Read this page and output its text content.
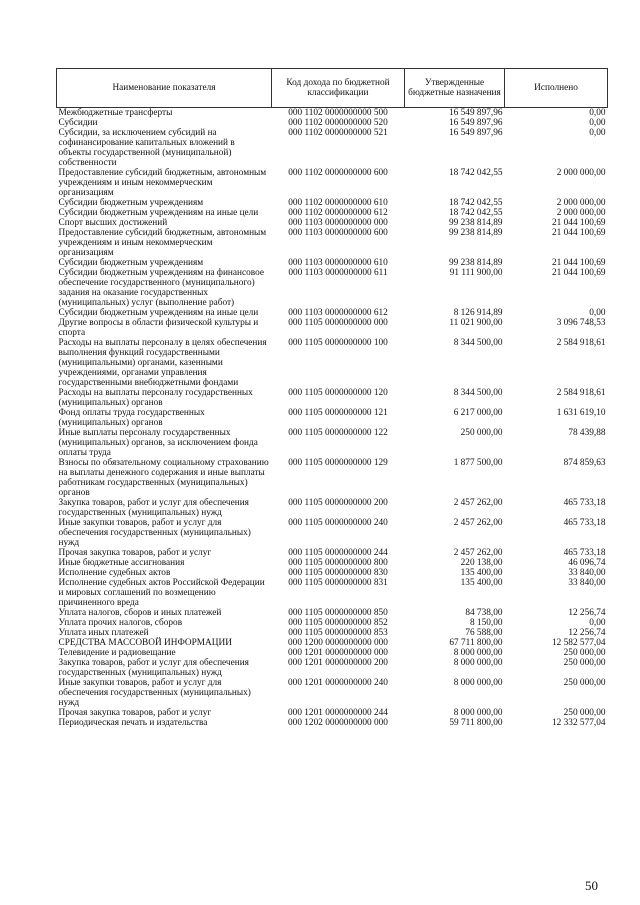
Наименование показателя	Код дохода по бюджетной классификации	Утвержденные бюджетные назначения	Исполнено
Межбюджетные трансферты	000 1102 0000000000 500	16 549 897,96	0,00
Субсидии	000 1102 0000000000 520	16 549 897,96	0,00
Субсидии, за исключением субсидий на софинансирование капитальных вложений в объекты государственной (муниципальной) собственности	000 1102 0000000000 521	16 549 897,96	0,00
Предоставление субсидий бюджетным, автономным учреждениям и иным некоммерческим организациям	000 1102 0000000000 600	18 742 042,55	2 000 000,00
Субсидии бюджетным учреждениям	000 1102 0000000000 610	18 742 042,55	2 000 000,00
Субсидии бюджетным учреждениям на иные цели	000 1102 0000000000 612	18 742 042,55	2 000 000,00
Спорт высших достижений	000 1103 0000000000 000	99 238 814,89	21 044 100,69
Предоставление субсидий бюджетным, автономным учреждениям и иным некоммерческим организациям	000 1103 0000000000 600	99 238 814,89	21 044 100,69
Субсидии бюджетным учреждениям	000 1103 0000000000 610	99 238 814,89	21 044 100,69
Субсидии бюджетным учреждениям на финансовое обеспечение государственного (муниципального) задания на оказание государственных (муниципальных) услуг (выполнение работ)	000 1103 0000000000 611	91 111 900,00	21 044 100,69
Субсидии бюджетным учреждениям на иные цели	000 1103 0000000000 612	8 126 914,89	0,00
Другие вопросы в области физической культуры и спорта	000 1105 0000000000 000	11 021 900,00	3 096 748,53
Расходы на выплаты персоналу в целях обеспечения выполнения функций государственными (муниципальными) органами, казенными учреждениями, органами управления государственными внебюджетными фондами	000 1105 0000000000 100	8 344 500,00	2 584 918,61
Расходы на выплаты персоналу государственных (муниципальных) органов	000 1105 0000000000 120	8 344 500,00	2 584 918,61
Фонд оплаты труда государственных (муниципальных) органов	000 1105 0000000000 121	6 217 000,00	1 631 619,10
Иные выплаты персоналу государственных (муниципальных) органов, за исключением фонда оплаты труда	000 1105 0000000000 122	250 000,00	78 439,88
Взносы по обязательному социальному страхованию на выплаты денежного содержания и иные выплаты работникам государственных (муниципальных) органов	000 1105 0000000000 129	1 877 500,00	874 859,63
Закупка товаров, работ и услуг для обеспечения государственных (муниципальных) нужд	000 1105 0000000000 200	2 457 262,00	465 733,18
Иные закупки товаров, работ и услуг для обеспечения государственных (муниципальных) нужд	000 1105 0000000000 240	2 457 262,00	465 733,18
Прочая закупка товаров, работ и услуг	000 1105 0000000000 244	2 457 262,00	465 733,18
Иные бюджетные ассигнования	000 1105 0000000000 800	220 138,00	46 096,74
Исполнение судебных актов	000 1105 0000000000 830	135 400,00	33 840,00
Исполнение судебных актов Российской Федерации и мировых соглашений по возмещению причиненного вреда	000 1105 0000000000 831	135 400,00	33 840,00
Уплата налогов, сборов и иных платежей	000 1105 0000000000 850	84 738,00	12 256,74
Уплата прочих налогов, сборов	000 1105 0000000000 852	8 150,00	0,00
Уплата иных платежей	000 1105 0000000000 853	76 588,00	12 256,74
СРЕДСТВА МАССОВОЙ ИНФОРМАЦИИ	000 1200 0000000000 000	67 711 800,00	12 582 577,04
Телевидение и радиовещание	000 1201 0000000000 000	8 000 000,00	250 000,00
Закупка товаров, работ и услуг для обеспечения государственных (муниципальных) нужд	000 1201 0000000000 200	8 000 000,00	250 000,00
Иные закупки товаров, работ и услуг для обеспечения государственных (муниципальных) нужд	000 1201 0000000000 240	8 000 000,00	250 000,00
Прочая закупка товаров, работ и услуг	000 1201 0000000000 244	8 000 000,00	250 000,00
Периодическая печать и издательства	000 1202 0000000000 000	59 711 800,00	12 332 577,04
50
